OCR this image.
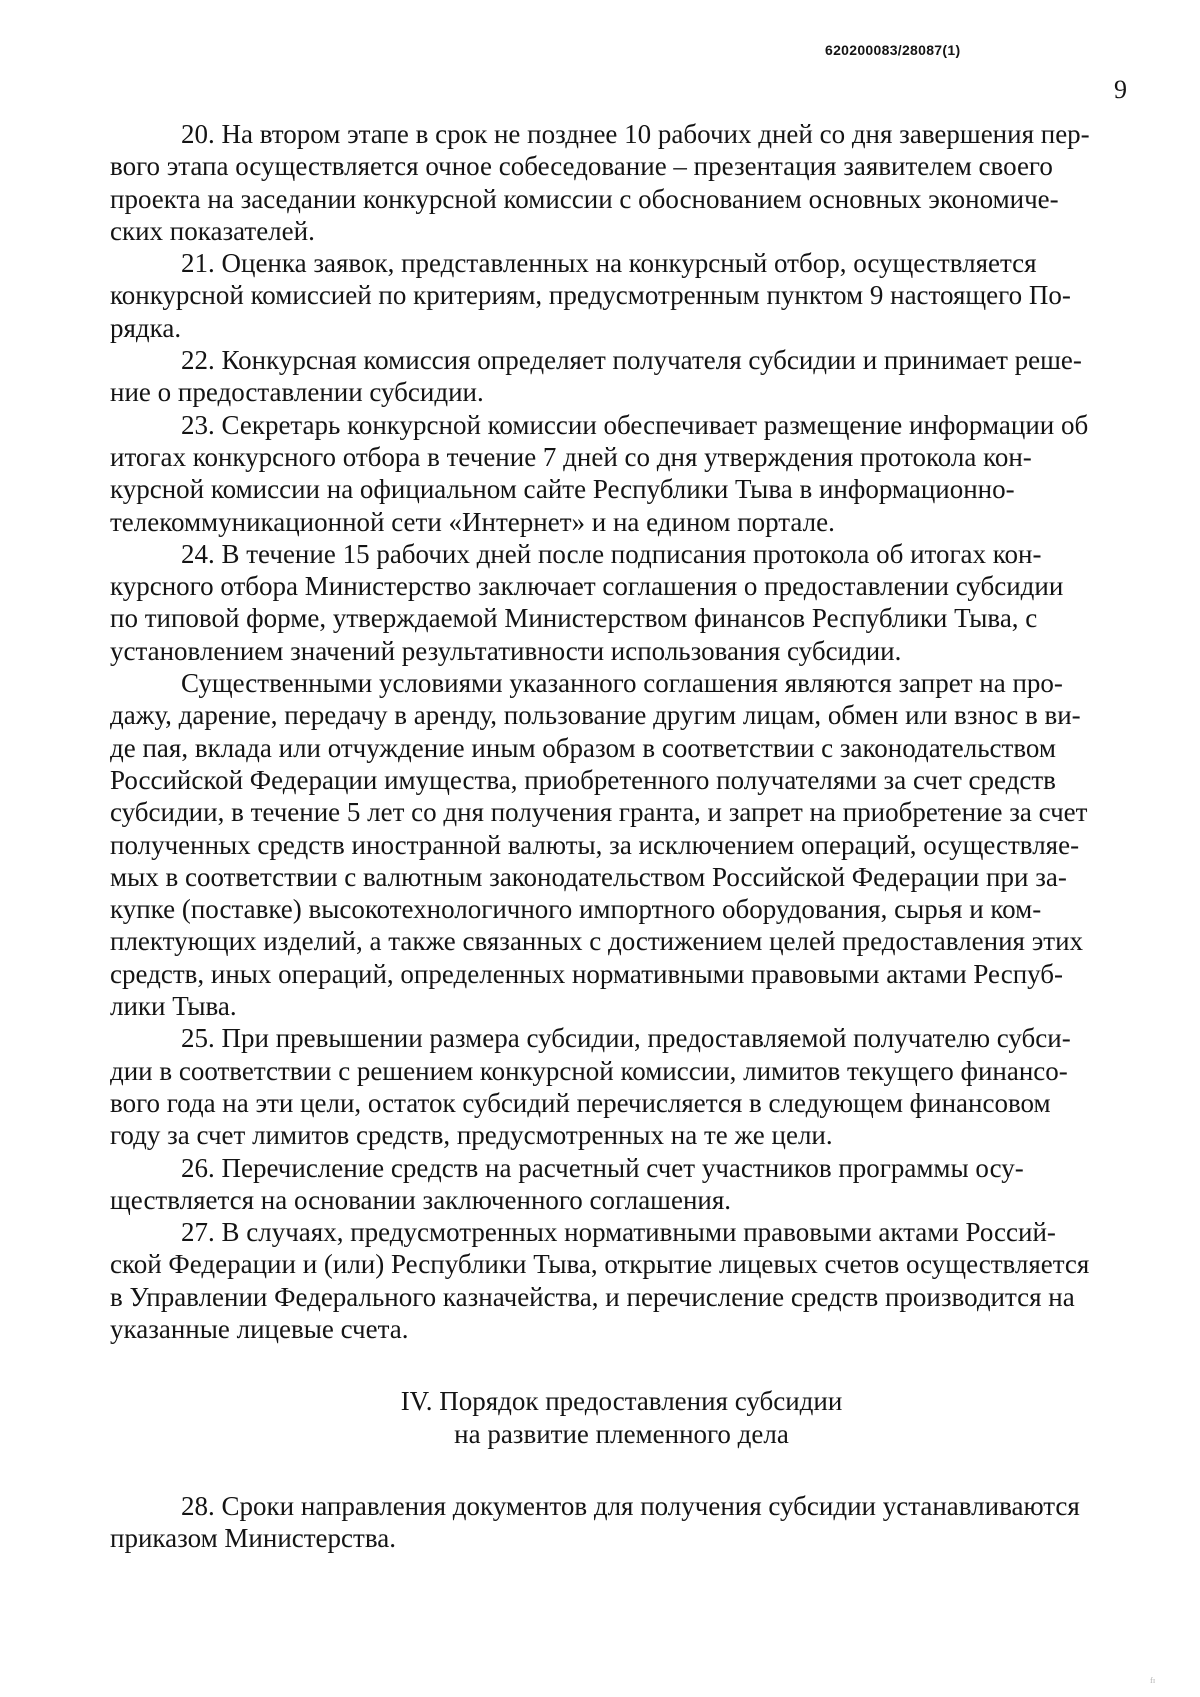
620200083/28087(1)
9

20. На втором этапе в срок не позднее 10 рабочих дней со дня завершения пер-
вого этапа осуществляется очное собеседование – презентация заявителем своего
проекта на заседании конкурсной комиссии с обоснованием основных экономиче-
ских показателей.

21. Оценка заявок, представленных на конкурсный отбор, осуществляется
конкурсной комиссией по критериям, предусмотренным пунктом 9 настоящего По-
рядка.

22. Конкурсная комиссия определяет получателя субсидии и принимает реше-
ние о предоставлении субсидии.

23. Секретарь конкурсной комиссии обеспечивает размещение информации об
итогах конкурсного отбора в течение 7 дней со дня утверждения протокола кон-
курсной комиссии на официальном сайте Республики Тыва в информационно-
телекоммуникационной сети «Интернет» и на едином портале.

24. В течение 15 рабочих дней после подписания протокола об итогах кон-
курсного отбора Министерство заключает соглашения о предоставлении субсидии
по типовой форме, утверждаемой Министерством финансов Республики Тыва, с
установлением значений результативности использования субсидии.

Существенными условиями указанного соглашения являются запрет на про-
дажу, дарение, передачу в аренду, пользование другим лицам, обмен или взнос в ви-
де пая, вклада или отчуждение иным образом в соответствии с законодательством
Российской Федерации имущества, приобретенного получателями за счет средств
субсидии, в течение 5 лет со дня получения гранта, и запрет на приобретение за счет
полученных средств иностранной валюты, за исключением операций, осуществляе-
мых в соответствии с валютным законодательством Российской Федерации при за-
купке (поставке) высокотехнологичного импортного оборудования, сырья и ком-
плектующих изделий, а также связанных с достижением целей предоставления этих
средств, иных операций, определенных нормативными правовыми актами Респуб-
лики Тыва.

25. При превышении размера субсидии, предоставляемой получателю субси-
дии в соответствии с решением конкурсной комиссии, лимитов текущего финансо-
вого года на эти цели, остаток субсидий перечисляется в следующем финансовом
году за счет лимитов средств, предусмотренных на те же цели.

26. Перечисление средств на расчетный счет участников программы осу-
ществляется на основании заключенного соглашения.

27. В случаях, предусмотренных нормативными правовыми актами Россий-
ской Федерации и (или) Республики Тыва, открытие лицевых счетов осуществляется
в Управлении Федерального казначейства, и перечисление средств производится на
указанные лицевые счета.

IV. Порядок предоставления субсидии
на развитие племенного дела

28. Сроки направления документов для получения субсидии устанавливаются
приказом Министерства.

ᶠᶦ
